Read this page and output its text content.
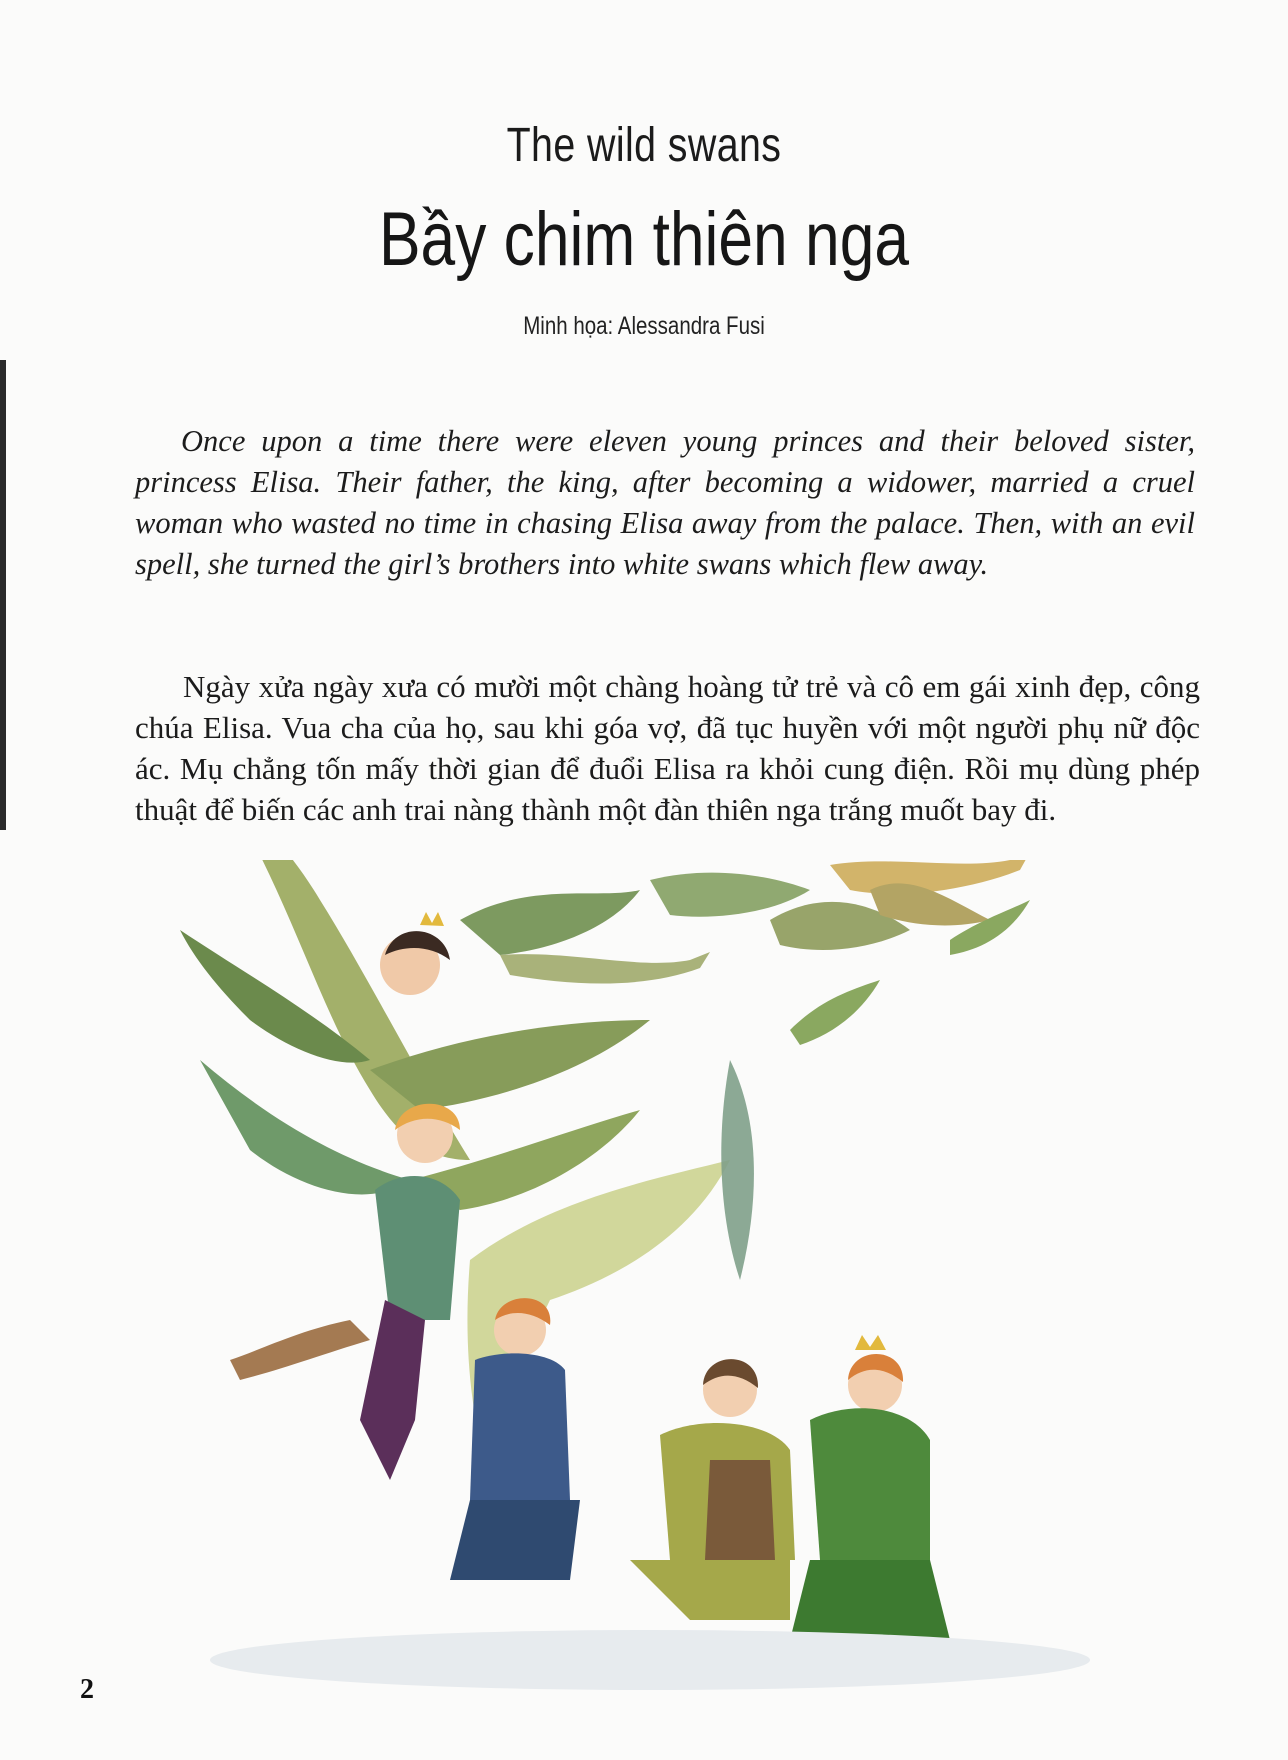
The wild swans
Bầy chim thiên nga
Minh họa: Alessandra Fusi

Once upon a time there were eleven young princes and their beloved sister, princess Elisa. Their father, the king, after becoming a widower, married a cruel woman who wasted no time in chasing Elisa away from the palace. Then, with an evil spell, she turned the girl’s brothers into white swans which flew away.

Ngày xửa ngày xưa có mười một chàng hoàng tử trẻ và cô em gái xinh đẹp, công chúa Elisa. Vua cha của họ, sau khi góa vợ, đã tục huyền với một người phụ nữ độc ác. Mụ chẳng tốn mấy thời gian để đuổi Elisa ra khỏi cung điện. Rồi mụ dùng phép thuật để biến các anh trai nàng thành một đàn thiên nga trắng muốt bay đi.

2
